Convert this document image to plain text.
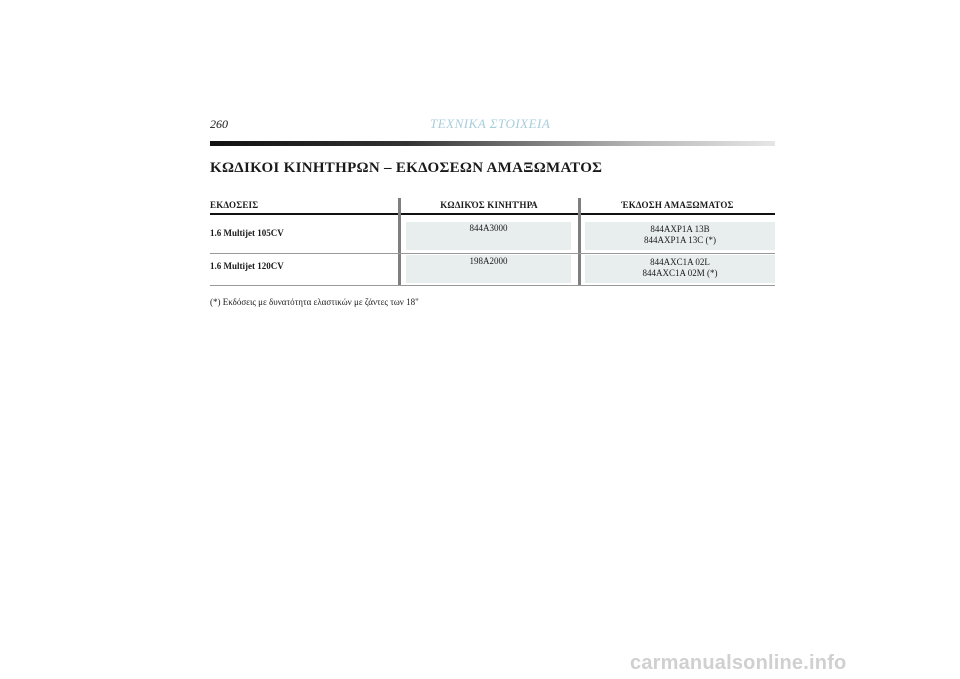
260	ΤΕΧΝΙΚΑ ΣΤΟΙΧΕΙΑ
ΚΩΔΙΚΟΙ ΚΙΝΗΤΗΡΩΝ – ΕΚΔΟΣΕΩΝ ΑΜΑΞΩΜΑΤΟΣ
ΕΚΔΟΣΕΙΣ	ΚΩΔΙΚΌΣ ΚΙΝΗΤΉΡΑ	ΈΚΔΟΣΗ ΑΜΑΞΩΜΑΤΟΣ
1.6 Multijet 105CV	844A3000	844AXP1A 13B
844AXP1A 13C (*)
1.6 Multijet 120CV	198A2000	844AXC1A 02L
844AXC1A 02M (*)
(*) Εκδόσεις με δυνατότητα ελαστικών με ζάντες των 18"
carmanualsonline.info
